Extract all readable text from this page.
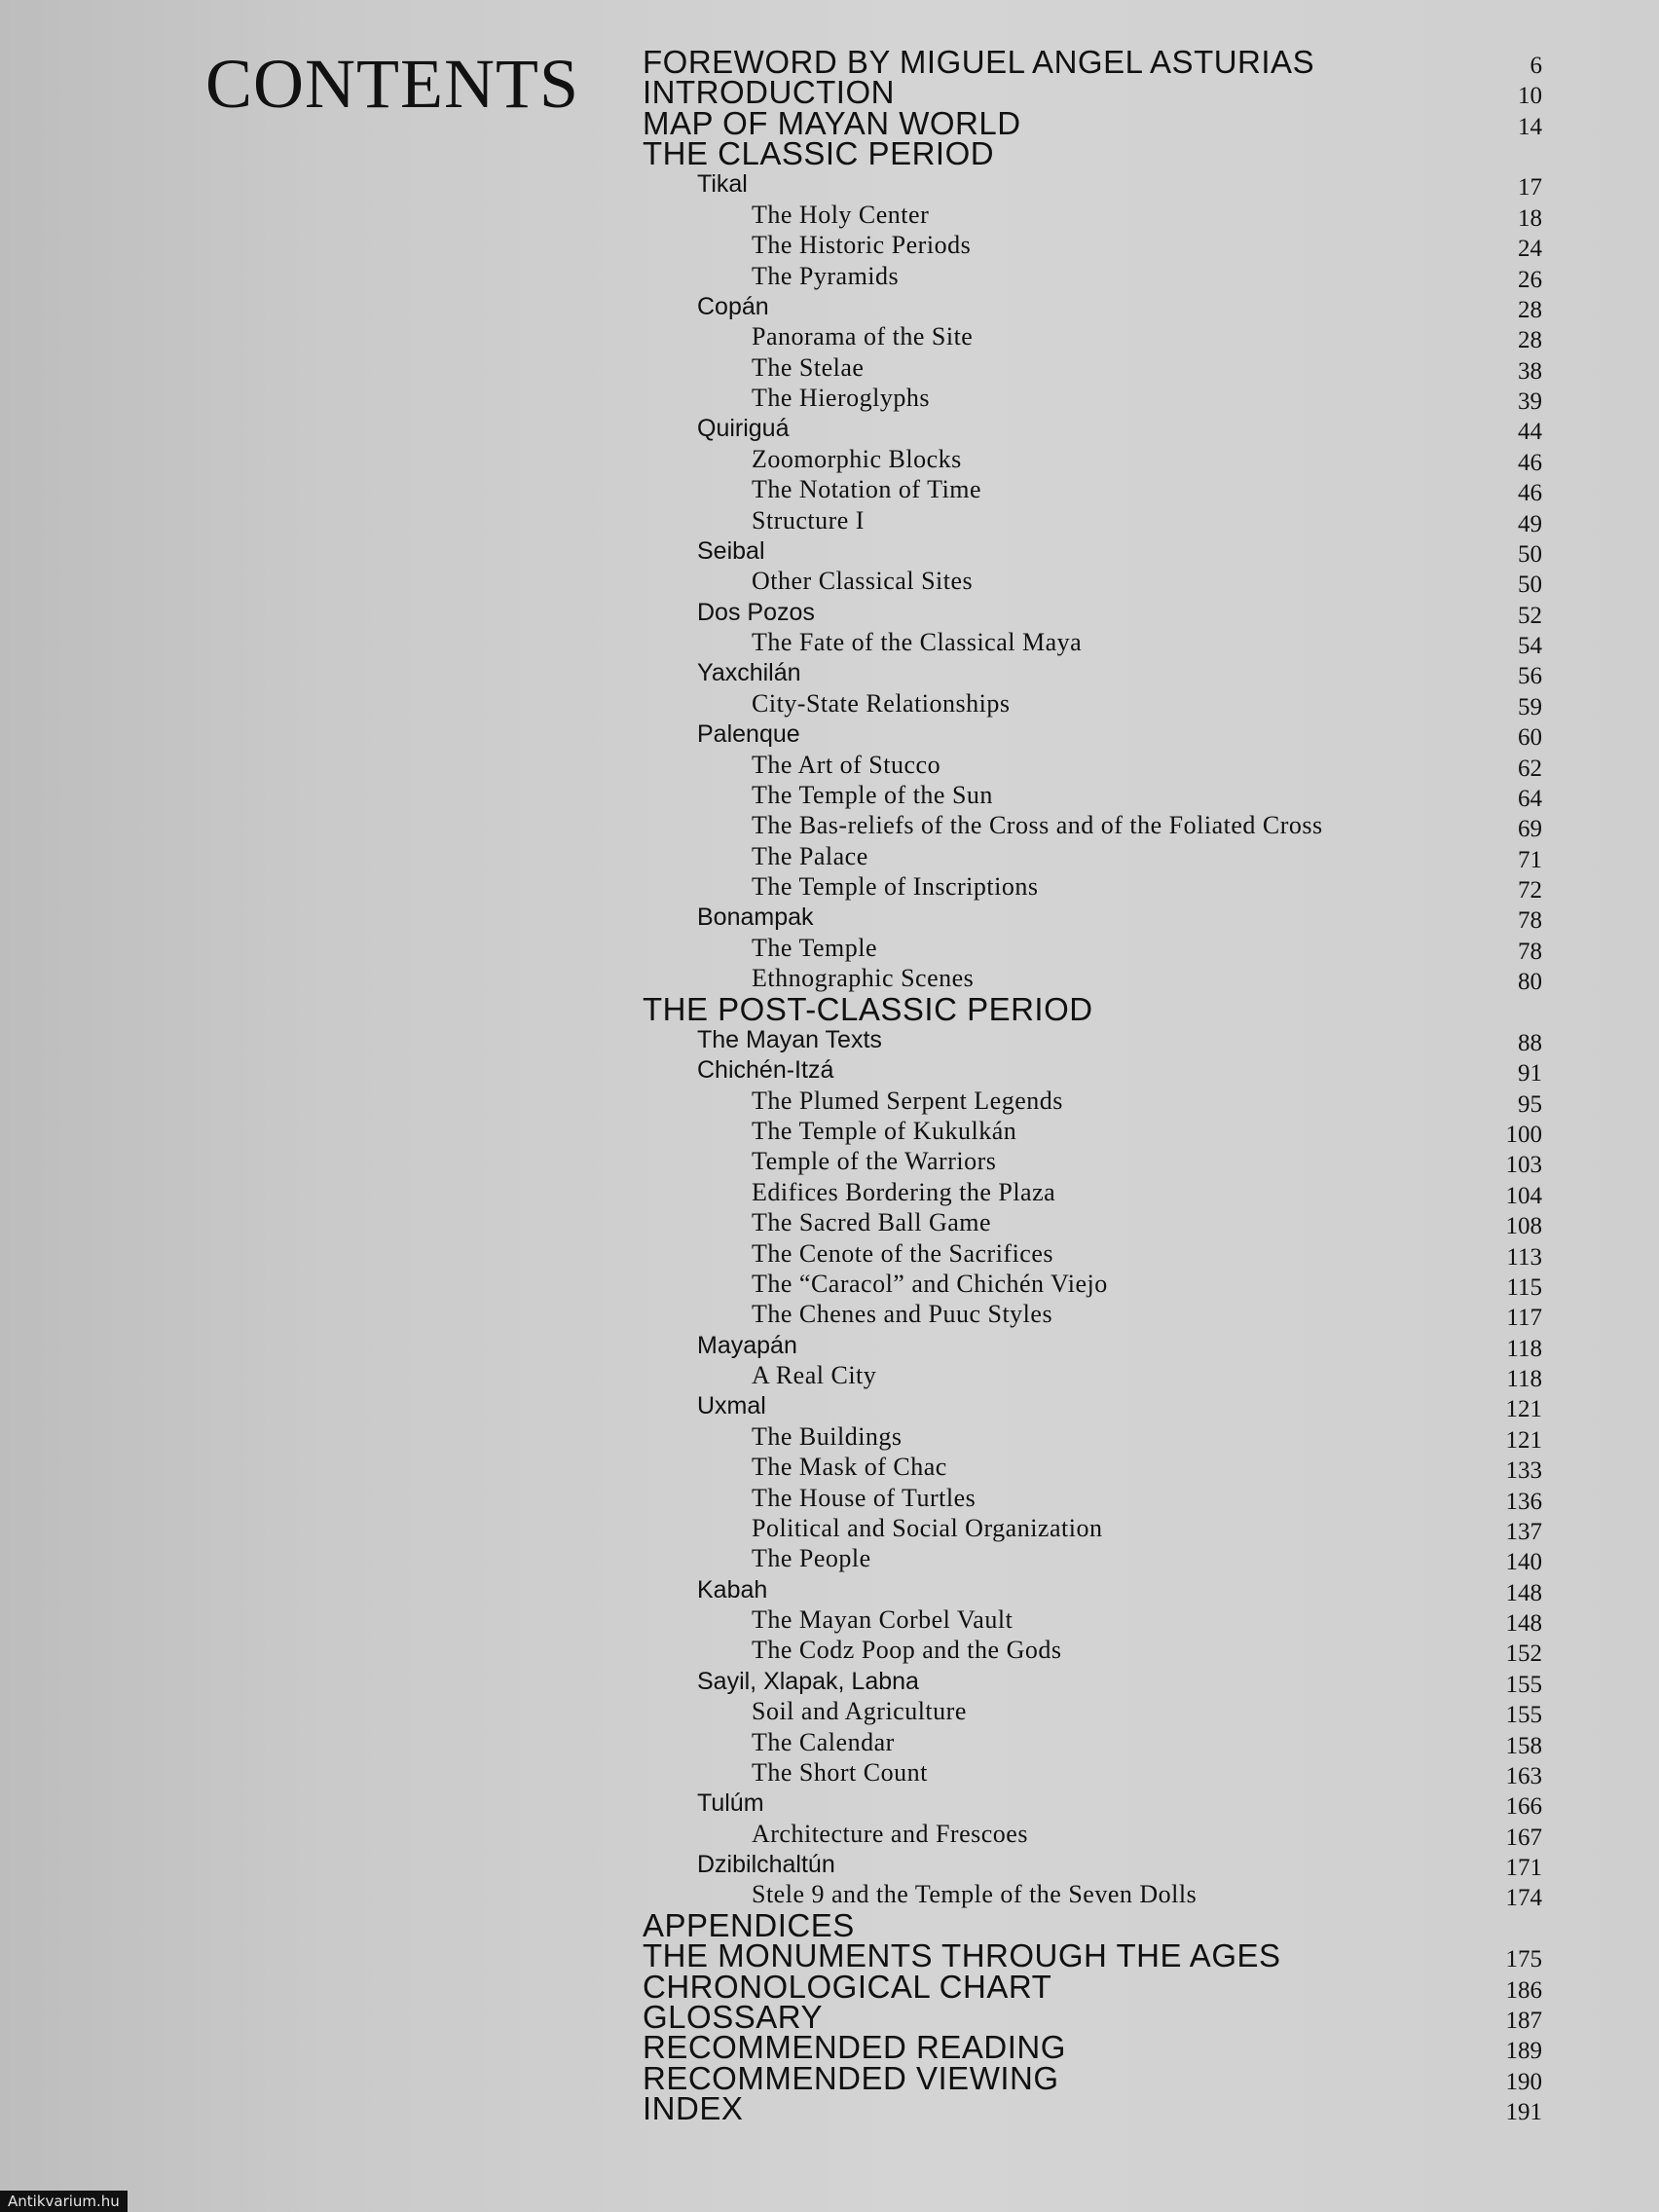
CONTENTS FOREWORD BY MIGUEL ANGEL ASTURIAS	6
INTRODUCTION	10
MAP OF MAYAN WORLD	14
THE CLASSIC PERIOD
Tikal	17
The Holy Center	18
The Historic Periods	24
The Pyramids	26
Copán	28
Panorama of the Site	28
The Stelae	38
The Hieroglyphs	39
Quiriguá	44
Zoomorphic Blocks	46
The Notation of Time	46
Structure I	49
Seibal	50
Other Classical Sites	50
Dos Pozos	52
The Fate of the Classical Maya	54
Yaxchilán	56
City-State Relationships	59
Palenque	60
The Art of Stucco	62
The Temple of the Sun	64
The Bas-reliefs of the Cross and of the Foliated Cross	69
The Palace	71
The Temple of Inscriptions	72
Bonampak	78
The Temple	78
Ethnographic Scenes	80
THE POST-CLASSIC PERIOD
The Mayan Texts	88
Chichén-Itzá	91
The Plumed Serpent Legends	95
The Temple of Kukulkán	100
Temple of the Warriors	103
Edifices Bordering the Plaza	104
The Sacred Ball Game	108
The Cenote of the Sacrifices	113
The “Caracol” and Chichén Viejo	115
The Chenes and Puuc Styles	117
Mayapán	118
A Real City	118
Uxmal	121
The Buildings	121
The Mask of Chac	133
The House of Turtles	136
Political and Social Organization	137
The People	140
Kabah	148
The Mayan Corbel Vault	148
The Codz Poop and the Gods	152
Sayil, Xlapak, Labna	155
Soil and Agriculture	155
The Calendar	158
The Short Count	163
Tulúm	166
Architecture and Frescoes	167
Dzibilchaltún	171
Stele 9 and the Temple of the Seven Dolls	174
APPENDICES
THE MONUMENTS THROUGH THE AGES	175
CHRONOLOGICAL CHART	186
GLOSSARY	187
RECOMMENDED READING	189
RECOMMENDED VIEWING	190
INDEX	191
Antikvarium.hu
